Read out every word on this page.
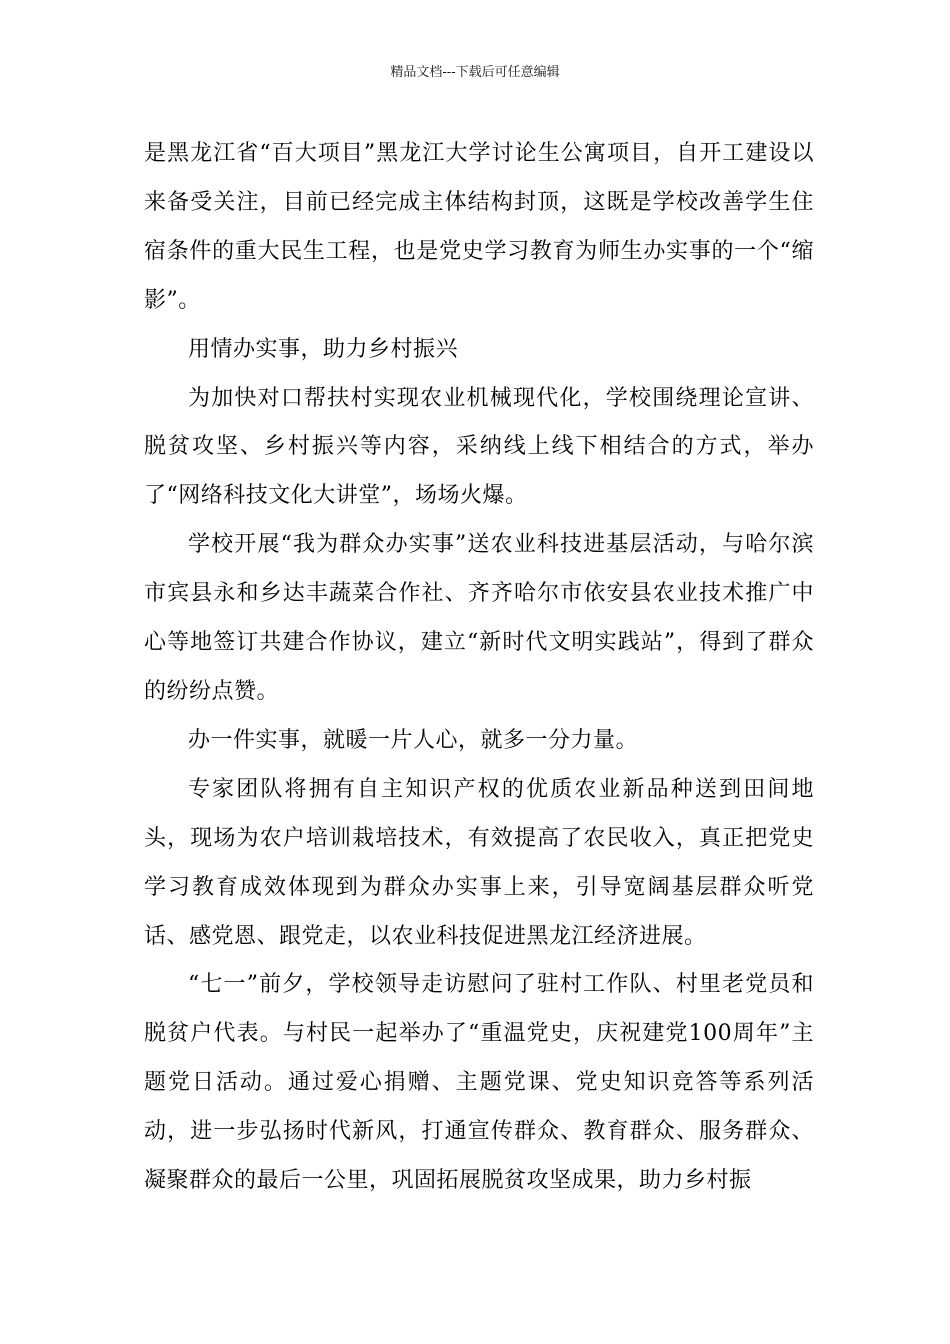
精品文档---下载后可任意编辑

是黑龙江省“百大项目”黑龙江大学讨论生公寓项目，自开工建设以来备受关注，目前已经完成主体结构封顶，这既是学校改善学生住宿条件的重大民生工程，也是党史学习教育为师生办实事的一个“缩影”。

用情办实事，助力乡村振兴

为加快对口帮扶村实现农业机械现代化，学校围绕理论宣讲、脱贫攻坚、乡村振兴等内容，采纳线上线下相结合的方式，举办了“网络科技文化大讲堂”，场场火爆。

学校开展“我为群众办实事”送农业科技进基层活动，与哈尔滨市宾县永和乡达丰蔬菜合作社、齐齐哈尔市依安县农业技术推广中心等地签订共建合作协议，建立“新时代文明实践站”，得到了群众的纷纷点赞。

办一件实事，就暖一片人心，就多一分力量。

专家团队将拥有自主知识产权的优质农业新品种送到田间地头，现场为农户培训栽培技术，有效提高了农民收入，真正把党史学习教育成效体现到为群众办实事上来，引导宽阔基层群众听党话、感党恩、跟党走，以农业科技促进黑龙江经济进展。

“七一”前夕，学校领导走访慰问了驻村工作队、村里老党员和脱贫户代表。与村民一起举办了“重温党史，庆祝建党100周年”主题党日活动。通过爱心捐赠、主题党课、党史知识竞答等系列活动，进一步弘扬时代新风，打通宣传群众、教育群众、服务群众、凝聚群众的最后一公里，巩固拓展脱贫攻坚成果，助力乡村振
